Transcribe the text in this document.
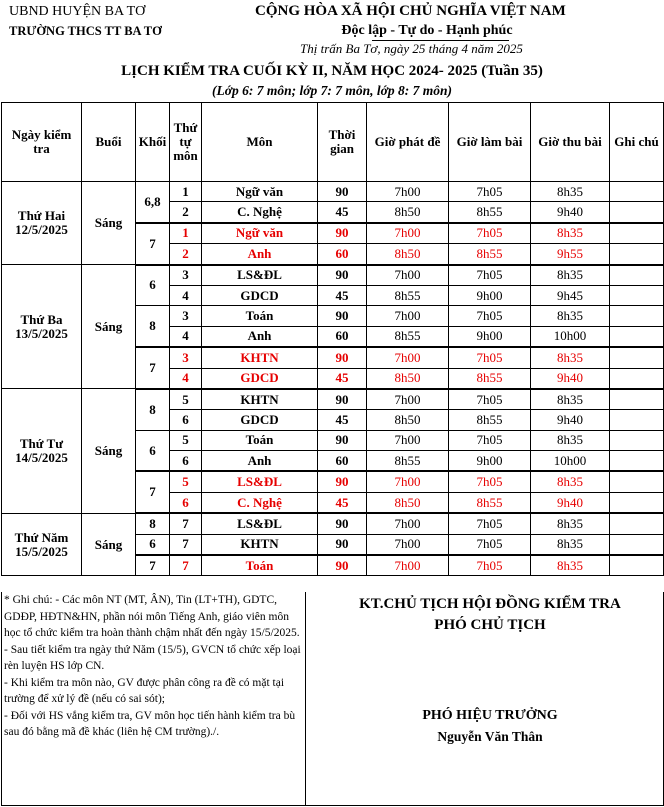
UBND HUYỆN BA TƠ
TRƯỜNG THCS TT BA TƠ
CỘNG HÒA XÃ HỘI CHỦ NGHĨA VIỆT NAM
Độc lập - Tự do - Hạnh phúc
Thị trấn Ba Tơ, ngày 25 tháng 4 năm 2025
LỊCH KIỂM TRA CUỐI KỲ II, NĂM HỌC 2024- 2025 (Tuần 35)
(Lớp 6: 7 môn; lớp 7: 7 môn, lớp 8: 7 môn)
Ngày kiểm tra	Buổi	Khối	Thứ tự môn	Môn	Thời gian	Giờ phát đề	Giờ làm bài	Giờ thu bài	Ghi chú
Thứ Hai
12/5/2025	Sáng	6,8	1	Ngữ văn	90	7h00	7h05	8h35	
			2	C. Nghệ	45	8h50	8h55	9h40	
		7	1	Ngữ văn	90	7h00	7h05	8h35	
			2	Anh	60	8h50	8h55	9h55	
Thứ Ba
13/5/2025	Sáng	6	3	LS&ĐL	90	7h00	7h05	8h35	
			4	GDCD	45	8h55	9h00	9h45	
		8	3	Toán	90	7h00	7h05	8h35	
			4	Anh	60	8h55	9h00	10h00	
		7	3	KHTN	90	7h00	7h05	8h35	
			4	GDCD	45	8h50	8h55	9h40	
Thứ Tư
14/5/2025	Sáng	8	5	KHTN	90	7h00	7h05	8h35	
			6	GDCD	45	8h50	8h55	9h40	
		6	5	Toán	90	7h00	7h05	8h35	
			6	Anh	60	8h55	9h00	10h00	
		7	5	LS&ĐL	90	7h00	7h05	8h35	
			6	C. Nghệ	45	8h50	8h55	9h40	
Thứ Năm
15/5/2025	Sáng	8	7	LS&ĐL	90	7h00	7h05	8h35	
		6	7	KHTN	90	7h00	7h05	8h35	
		7	7	Toán	90	7h00	7h05	8h35	
* Ghi chú: - Các môn NT (MT, ÂN), Tin (LT+TH), GDTC, GDĐP, HĐTN&HN, phần nói môn Tiếng Anh, giáo viên môn học tổ chức kiểm tra hoàn thành chậm nhất đến ngày 15/5/2025.
- Sau tiết kiểm tra ngày thứ Năm (15/5), GVCN tổ chức xếp loại rèn luyện HS lớp CN.
- Khi kiểm tra môn nào, GV được phân công ra đề có mặt tại trường để xử lý đề (nếu có sai sót);
- Đối với HS vắng kiểm tra, GV môn học tiến hành kiểm tra bù sau đó bằng mã đề khác (liên hệ CM trường)./.
KT.CHỦ TỊCH HỘI ĐỒNG KIỂM TRA
PHÓ CHỦ TỊCH
PHÓ HIỆU TRƯỞNG
Nguyễn Văn Thân
